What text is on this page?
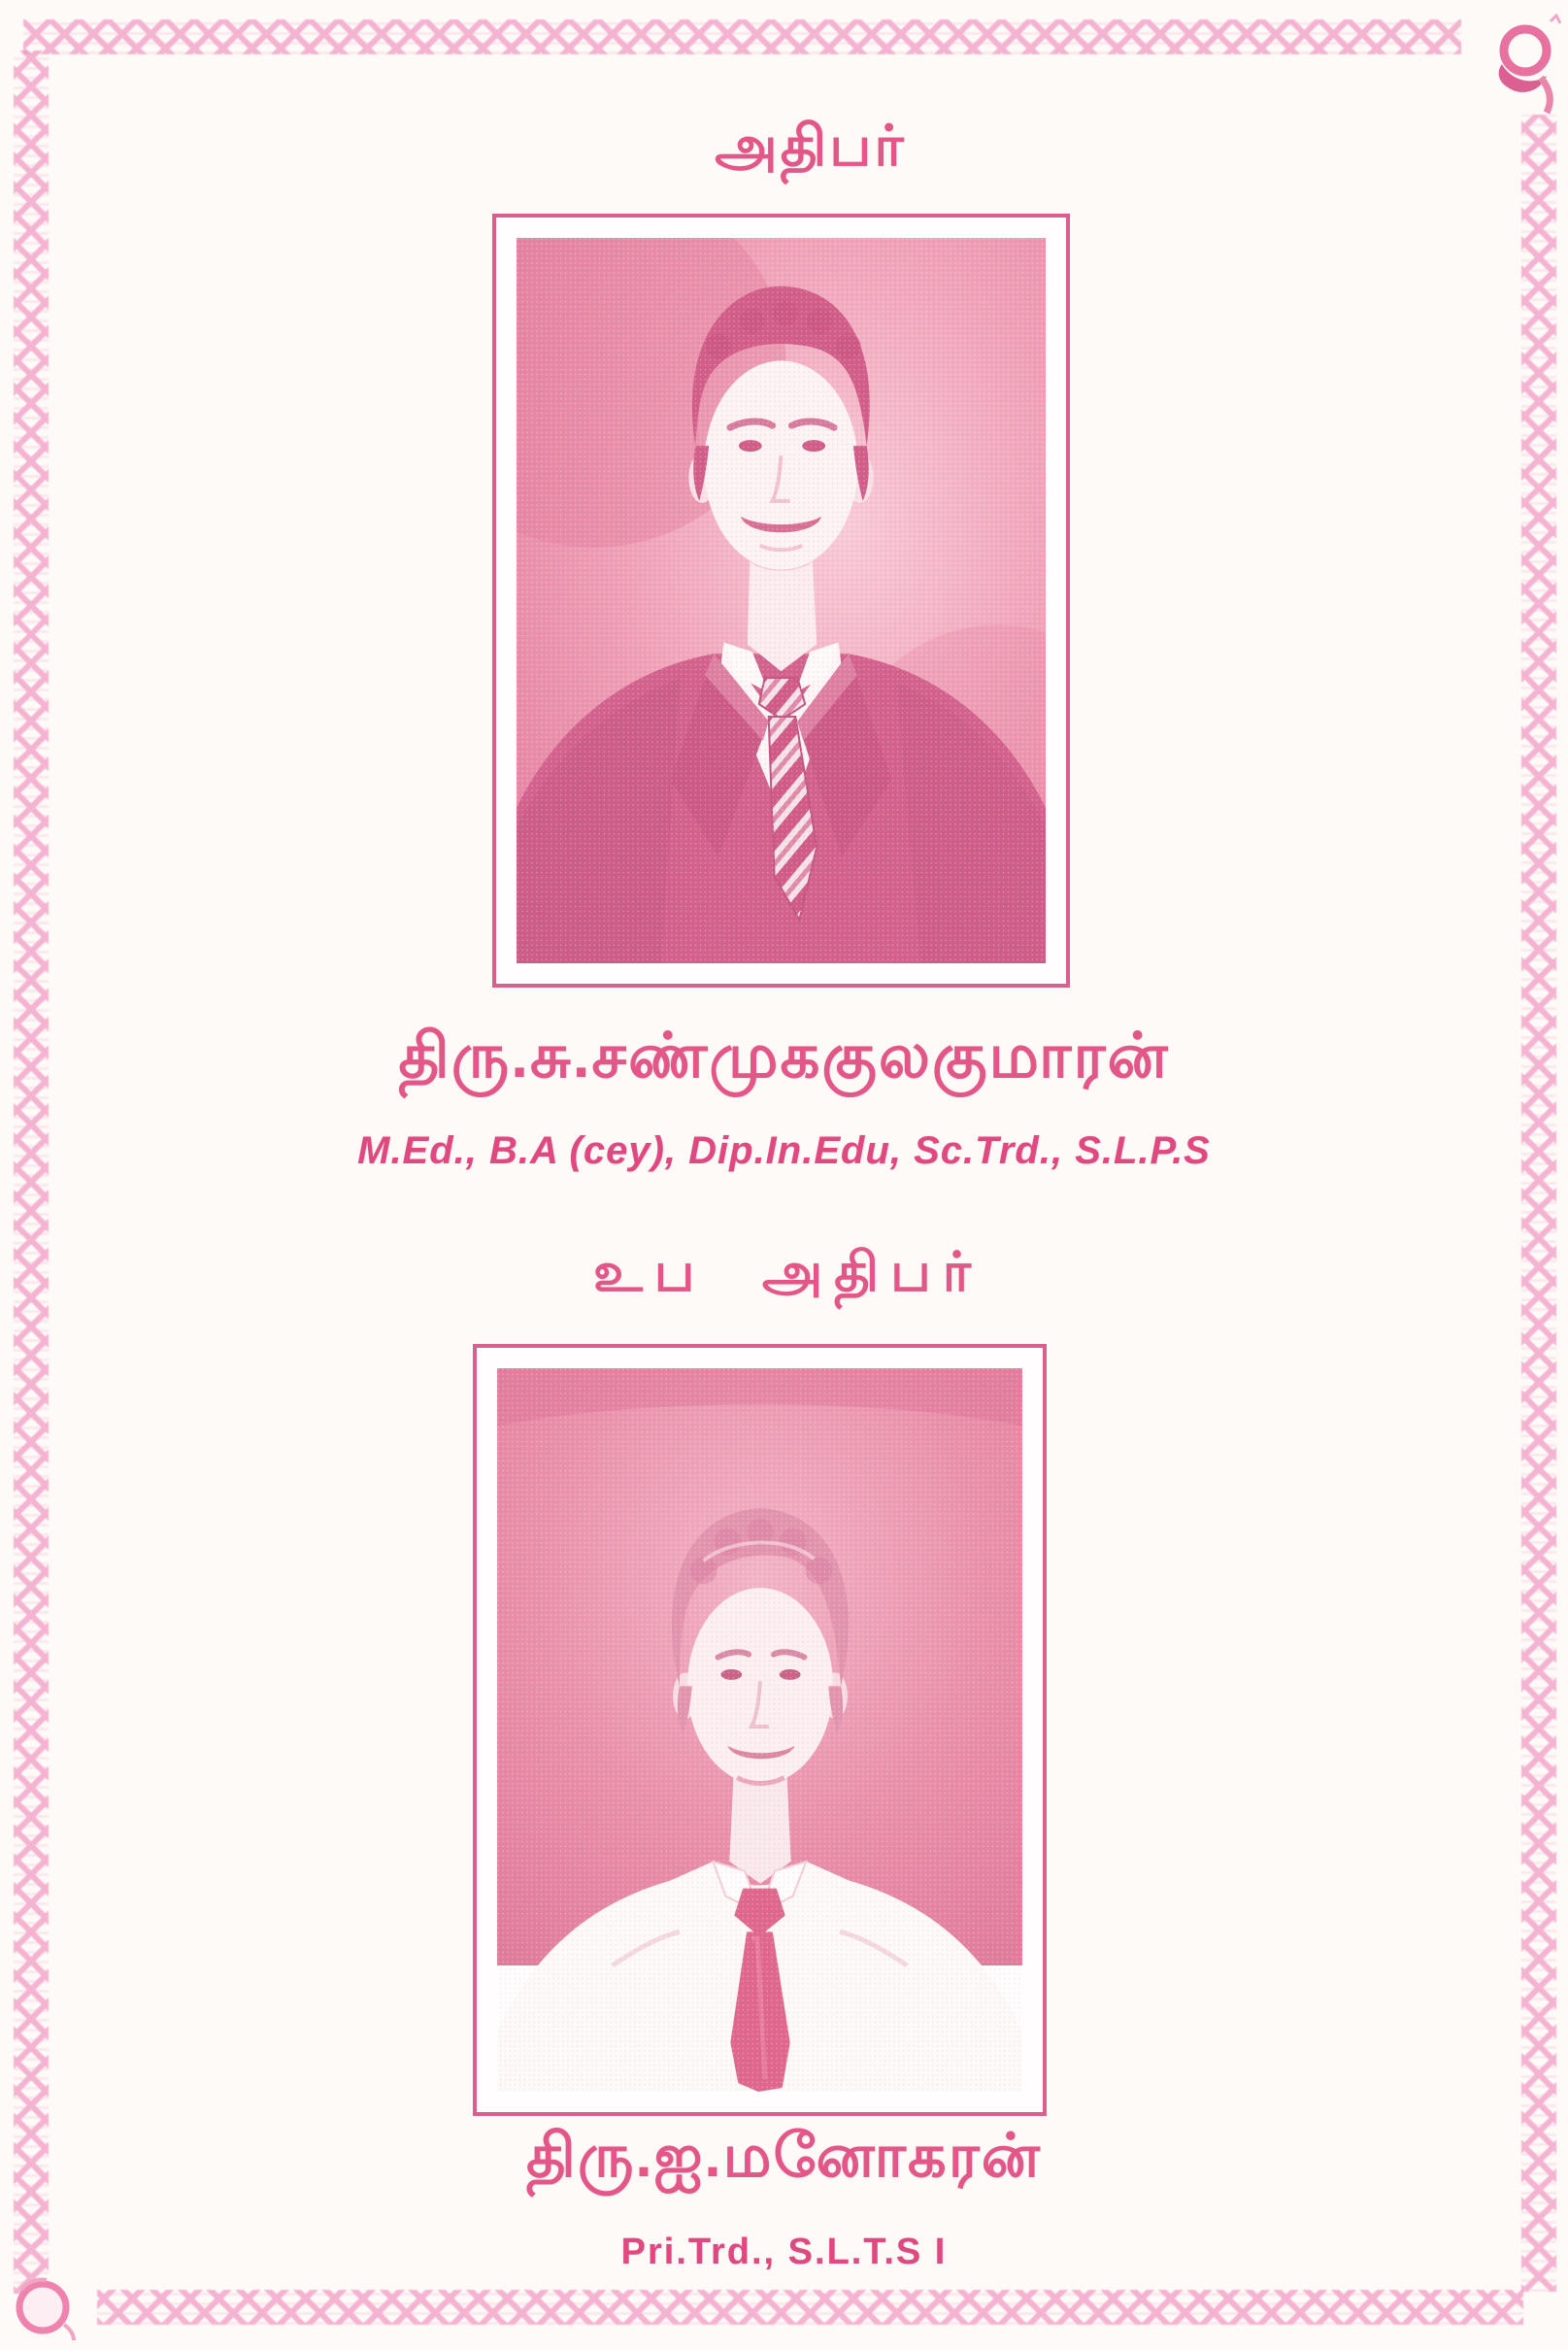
அதிபர்
திரு.சு.சண்முககுலகுமாரன்
M.Ed., B.A (cey), Dip.In.Edu, Sc.Trd., S.L.P.S
உப அதிபர்
திரு.ஐ.மனோகரன்
Pri.Trd., S.L.T.S I
